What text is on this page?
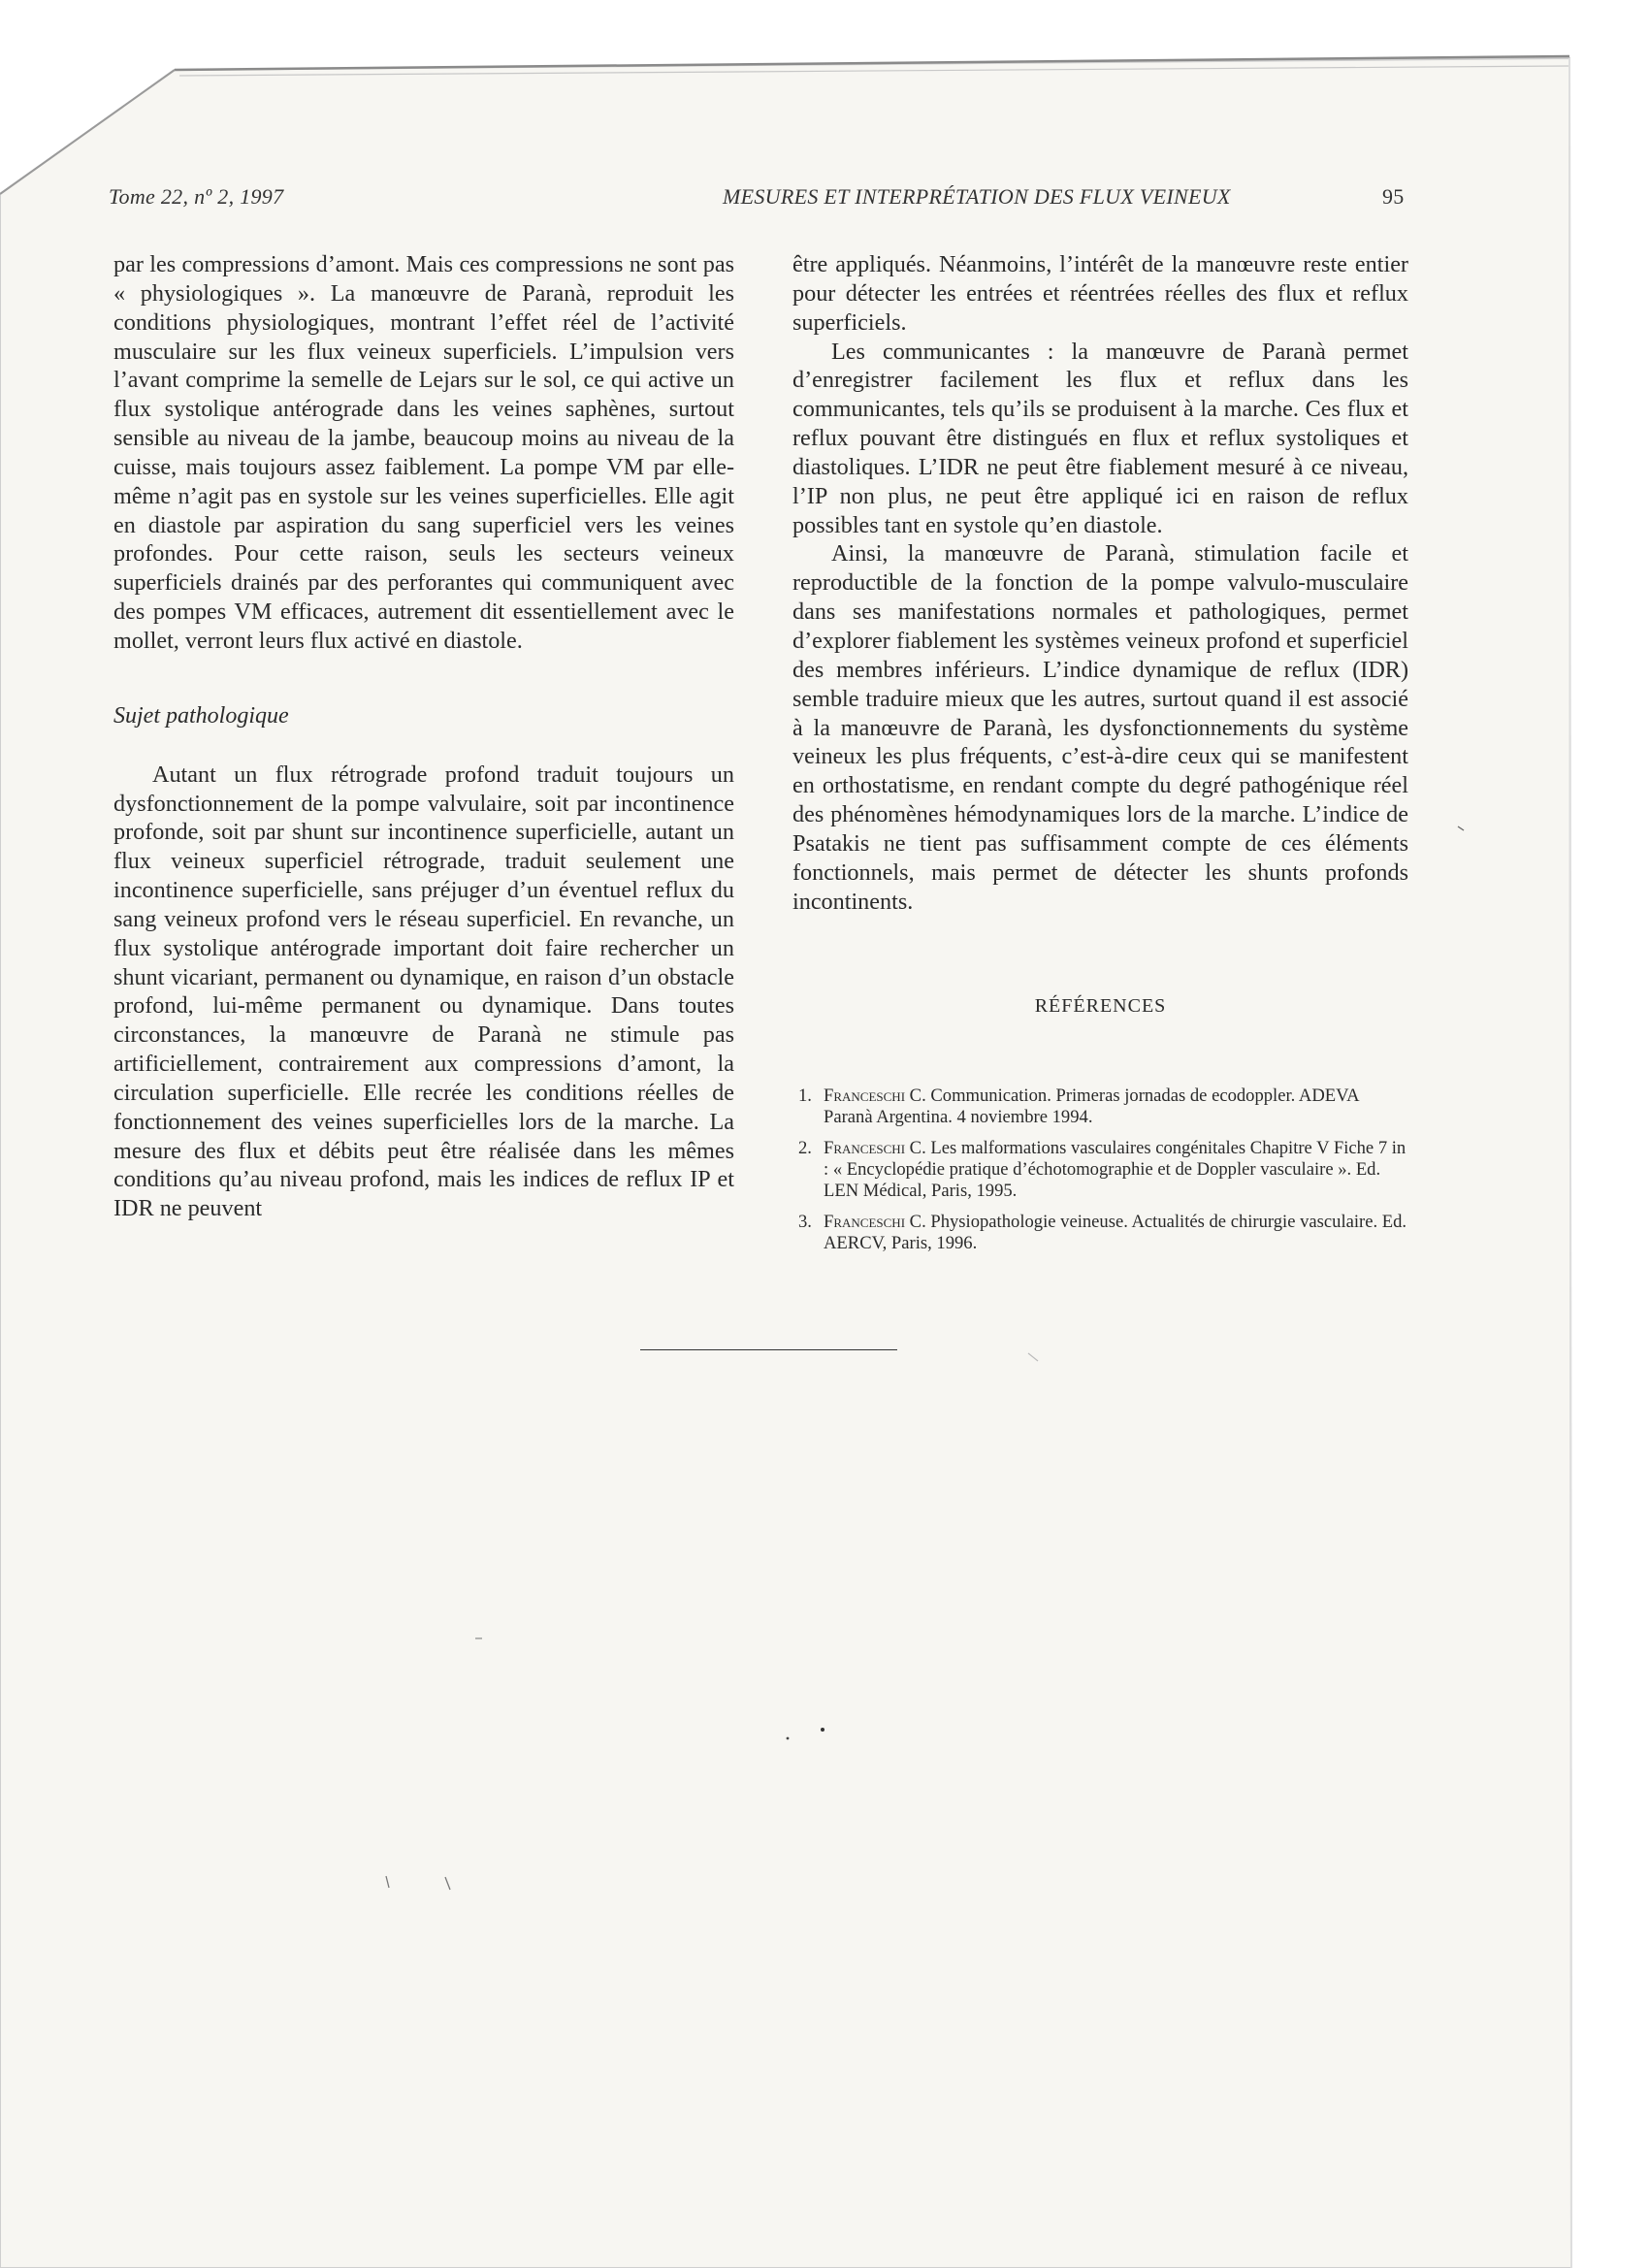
Tome 22, nº 2, 1997	MESURES ET INTERPRÉTATION DES FLUX VEINEUX	95

par les compressions d’amont. Mais ces compressions ne sont pas « physiologiques ». La manœuvre de Paranà, reproduit les conditions physiologiques, montrant l’effet réel de l’activité musculaire sur les flux veineux superficiels. L’impulsion vers l’avant comprime la semelle de Lejars sur le sol, ce qui active un flux systolique antérograde dans les veines saphènes, surtout sensible au niveau de la jambe, beaucoup moins au niveau de la cuisse, mais toujours assez faiblement. La pompe VM par elle-même n’agit pas en systole sur les veines superficielles. Elle agit en diastole par aspiration du sang superficiel vers les veines profondes. Pour cette raison, seuls les secteurs veineux superficiels drainés par des perforantes qui communiquent avec des pompes VM efficaces, autrement dit essentiellement avec le mollet, verront leurs flux activé en diastole.

Sujet pathologique

Autant un flux rétrograde profond traduit toujours un dysfonctionnement de la pompe valvulaire, soit par incontinence profonde, soit par shunt sur incontinence superficielle, autant un flux veineux superficiel rétrograde, traduit seulement une incontinence superficielle, sans préjuger d’un éventuel reflux du sang veineux profond vers le réseau superficiel. En revanche, un flux systolique antérograde important doit faire rechercher un shunt vicariant, permanent ou dynamique, en raison d’un obstacle profond, lui-même permanent ou dynamique. Dans toutes circonstances, la manœuvre de Paranà ne stimule pas artificiellement, contrairement aux compressions d’amont, la circulation superficielle. Elle recrée les conditions réelles de fonctionnement des veines superficielles lors de la marche. La mesure des flux et débits peut être réalisée dans les mêmes conditions qu’au niveau profond, mais les indices de reflux IP et IDR ne peuvent

être appliqués. Néanmoins, l’intérêt de la manœuvre reste entier pour détecter les entrées et réentrées réelles des flux et reflux superficiels.

Les communicantes : la manœuvre de Paranà permet d’enregistrer facilement les flux et reflux dans les communicantes, tels qu’ils se produisent à la marche. Ces flux et reflux pouvant être distingués en flux et reflux systoliques et diastoliques. L’IDR ne peut être fiablement mesuré à ce niveau, l’IP non plus, ne peut être appliqué ici en raison de reflux possibles tant en systole qu’en diastole.

Ainsi, la manœuvre de Paranà, stimulation facile et reproductible de la fonction de la pompe valvulo-musculaire dans ses manifestations normales et pathologiques, permet d’explorer fiablement les systèmes veineux profond et superficiel des membres inférieurs. L’indice dynamique de reflux (IDR) semble traduire mieux que les autres, surtout quand il est associé à la manœuvre de Paranà, les dysfonctionnements du système veineux les plus fréquents, c’est-à-dire ceux qui se manifestent en orthostatisme, en rendant compte du degré pathogénique réel des phénomènes hémodynamiques lors de la marche. L’indice de Psatakis ne tient pas suffisamment compte de ces éléments fonctionnels, mais permet de détecter les shunts profonds incontinents.

RÉFÉRENCES

1. Franceschi C. Communication. Primeras jornadas de ecodoppler. ADEVA Paranà Argentina. 4 noviembre 1994.
2. Franceschi C. Les malformations vasculaires congénitales Chapitre V Fiche 7 in : « Encyclopédie pratique d’échotomographie et de Doppler vasculaire ». Ed. LEN Médical, Paris, 1995.
3. Franceschi C. Physiopathologie veineuse. Actualités de chirurgie vasculaire. Ed. AERCV, Paris, 1996.
